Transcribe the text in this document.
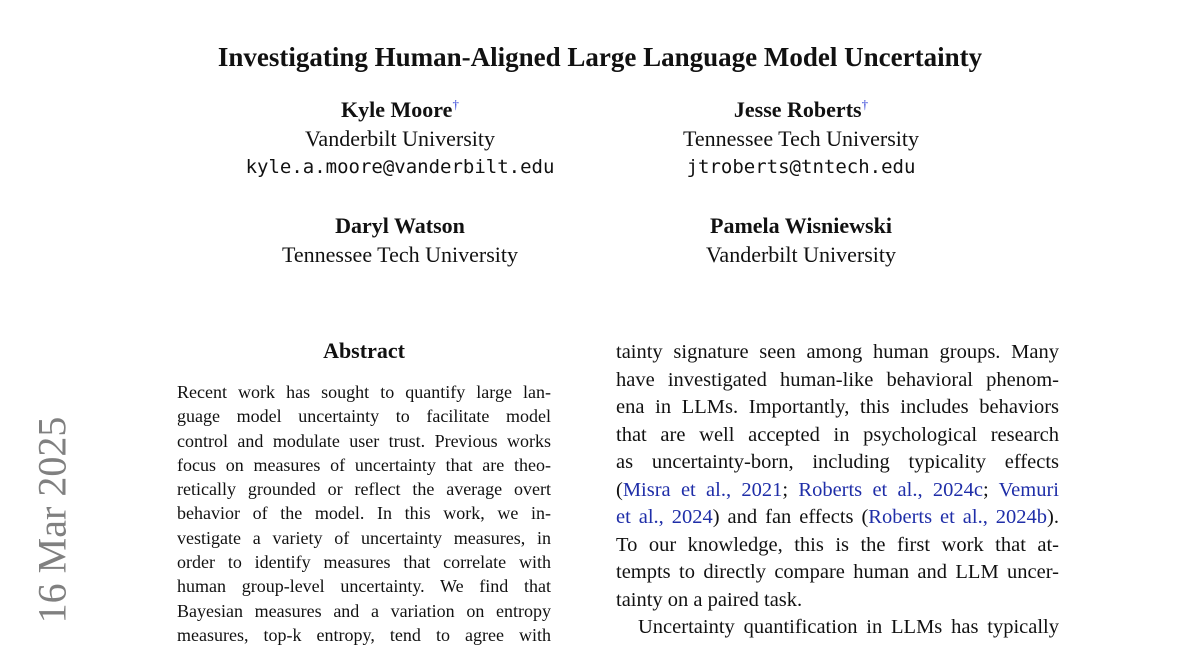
Investigating Human-Aligned Large Language Model Uncertainty
Kyle Moore†
Vanderbilt University
kyle.a.moore@vanderbilt.edu
Jesse Roberts†
Tennessee Tech University
jtroberts@tntech.edu
Daryl Watson
Tennessee Tech University
Pamela Wisniewski
Vanderbilt University
16 Mar 2025
Abstract
Recent work has sought to quantify large lan-
guage model uncertainty to facilitate model
control and modulate user trust. Previous works
focus on measures of uncertainty that are theo-
retically grounded or reflect the average overt
behavior of the model. In this work, we in-
vestigate a variety of uncertainty measures, in
order to identify measures that correlate with
human group-level uncertainty. We find that
Bayesian measures and a variation on entropy
measures, top-k entropy, tend to agree with
tainty signature seen among human groups. Many
have investigated human-like behavioral phenom-
ena in LLMs. Importantly, this includes behaviors
that are well accepted in psychological research
as uncertainty-born, including typicality effects
(Misra et al., 2021; Roberts et al., 2024c; Vemuri
et al., 2024) and fan effects (Roberts et al., 2024b).
To our knowledge, this is the first work that at-
tempts to directly compare human and LLM uncer-
tainty on a paired task.
Uncertainty quantification in LLMs has typically
